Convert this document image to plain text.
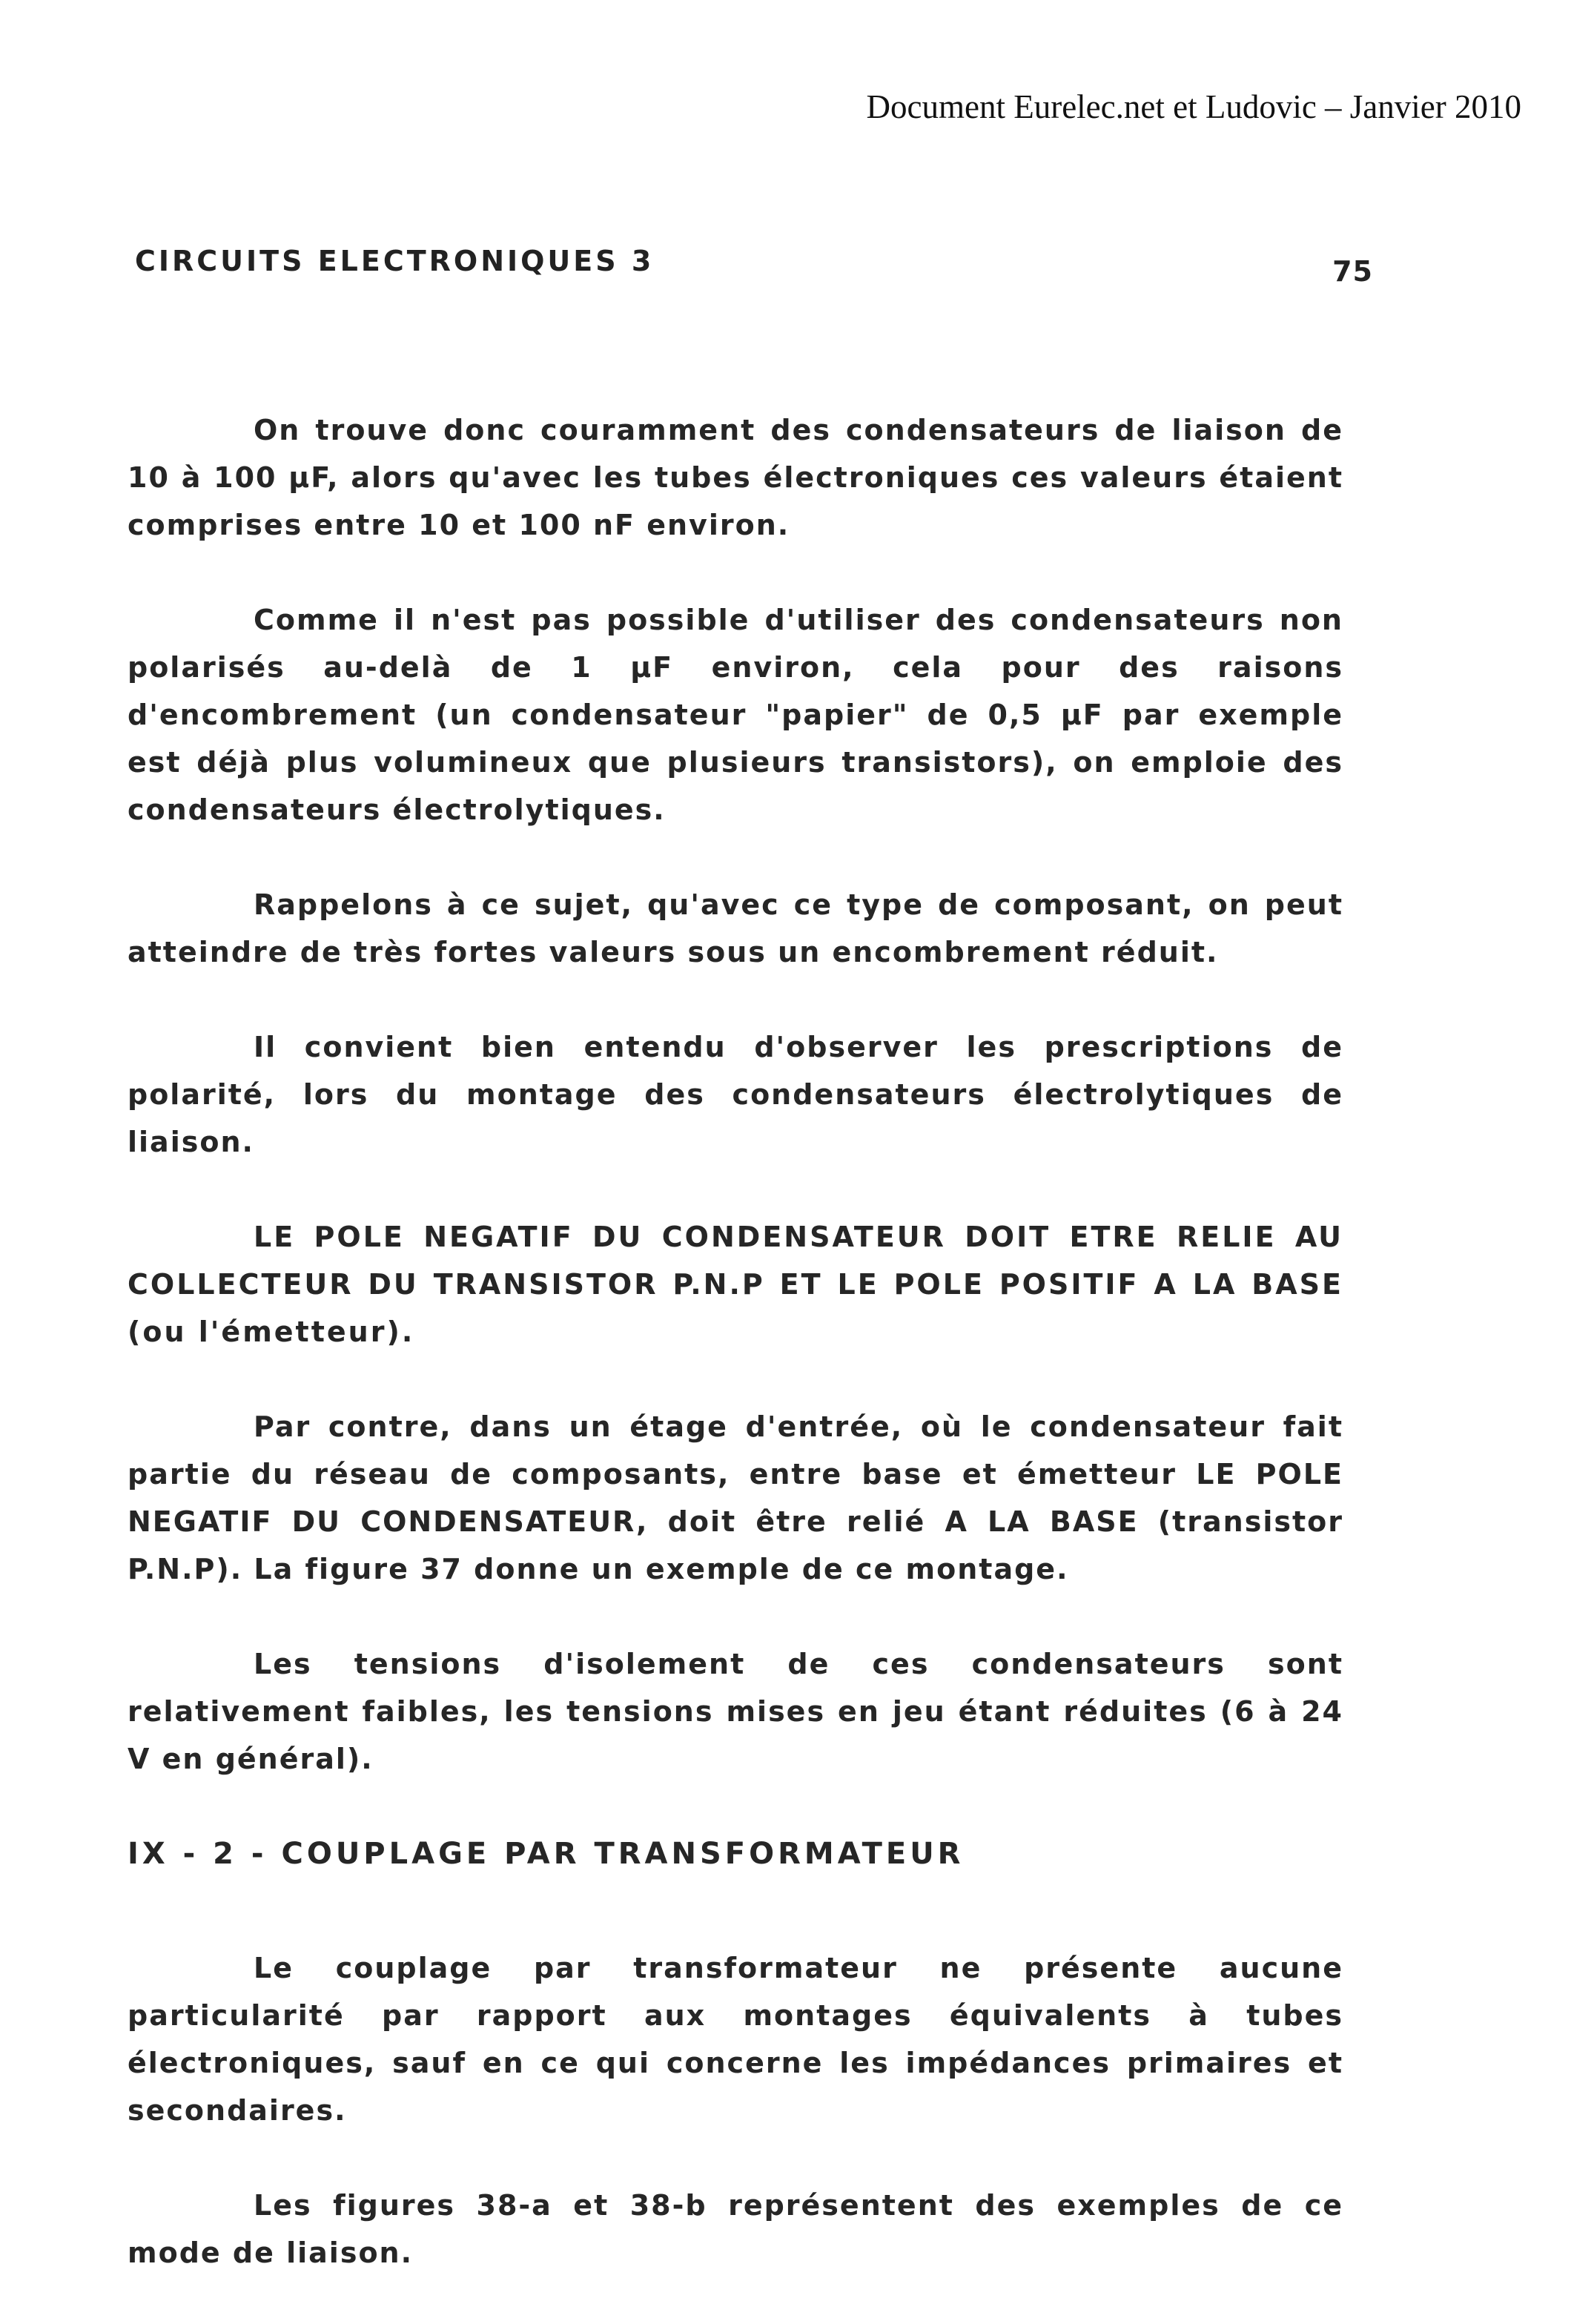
Document Eurelec.net et Ludovic – Janvier 2010
CIRCUITS ELECTRONIQUES 3	75

On trouve donc couramment des condensateurs de liaison de 10 à 100 µF, alors qu'avec les tubes électroniques ces valeurs étaient comprises entre 10 et 100 nF environ.

Comme il n'est pas possible d'utiliser des condensateurs non polarisés au-delà de 1 µF environ, cela pour des raisons d'encombrement (un condensateur "papier" de 0,5 µF par exemple est déjà plus volumineux que plusieurs transistors), on emploie des condensateurs électrolytiques.

Rappelons à ce sujet, qu'avec ce type de composant, on peut atteindre de très fortes valeurs sous un encombrement réduit.

Il convient bien entendu d'observer les prescriptions de polarité, lors du montage des condensateurs électrolytiques de liaison.

LE POLE NEGATIF DU CONDENSATEUR DOIT ETRE RELIE AU COLLECTEUR DU TRANSISTOR P.N.P ET LE POLE POSITIF A LA BASE (ou l'émetteur).

Par contre, dans un étage d'entrée, où le condensateur fait partie du réseau de composants, entre base et émetteur LE POLE NEGATIF DU CONDENSATEUR, doit être relié A LA BASE (transistor P.N.P). La figure 37 donne un exemple de ce montage.

Les tensions d'isolement de ces condensateurs sont relativement faibles, les tensions mises en jeu étant réduites (6 à 24 V en général).

IX - 2 - COUPLAGE PAR TRANSFORMATEUR

Le couplage par transformateur ne présente aucune particularité par rapport aux montages équivalents à tubes électroniques, sauf en ce qui concerne les impédances primaires et secondaires.

Les figures 38-a et 38-b représentent des exemples de ce mode de liaison.
